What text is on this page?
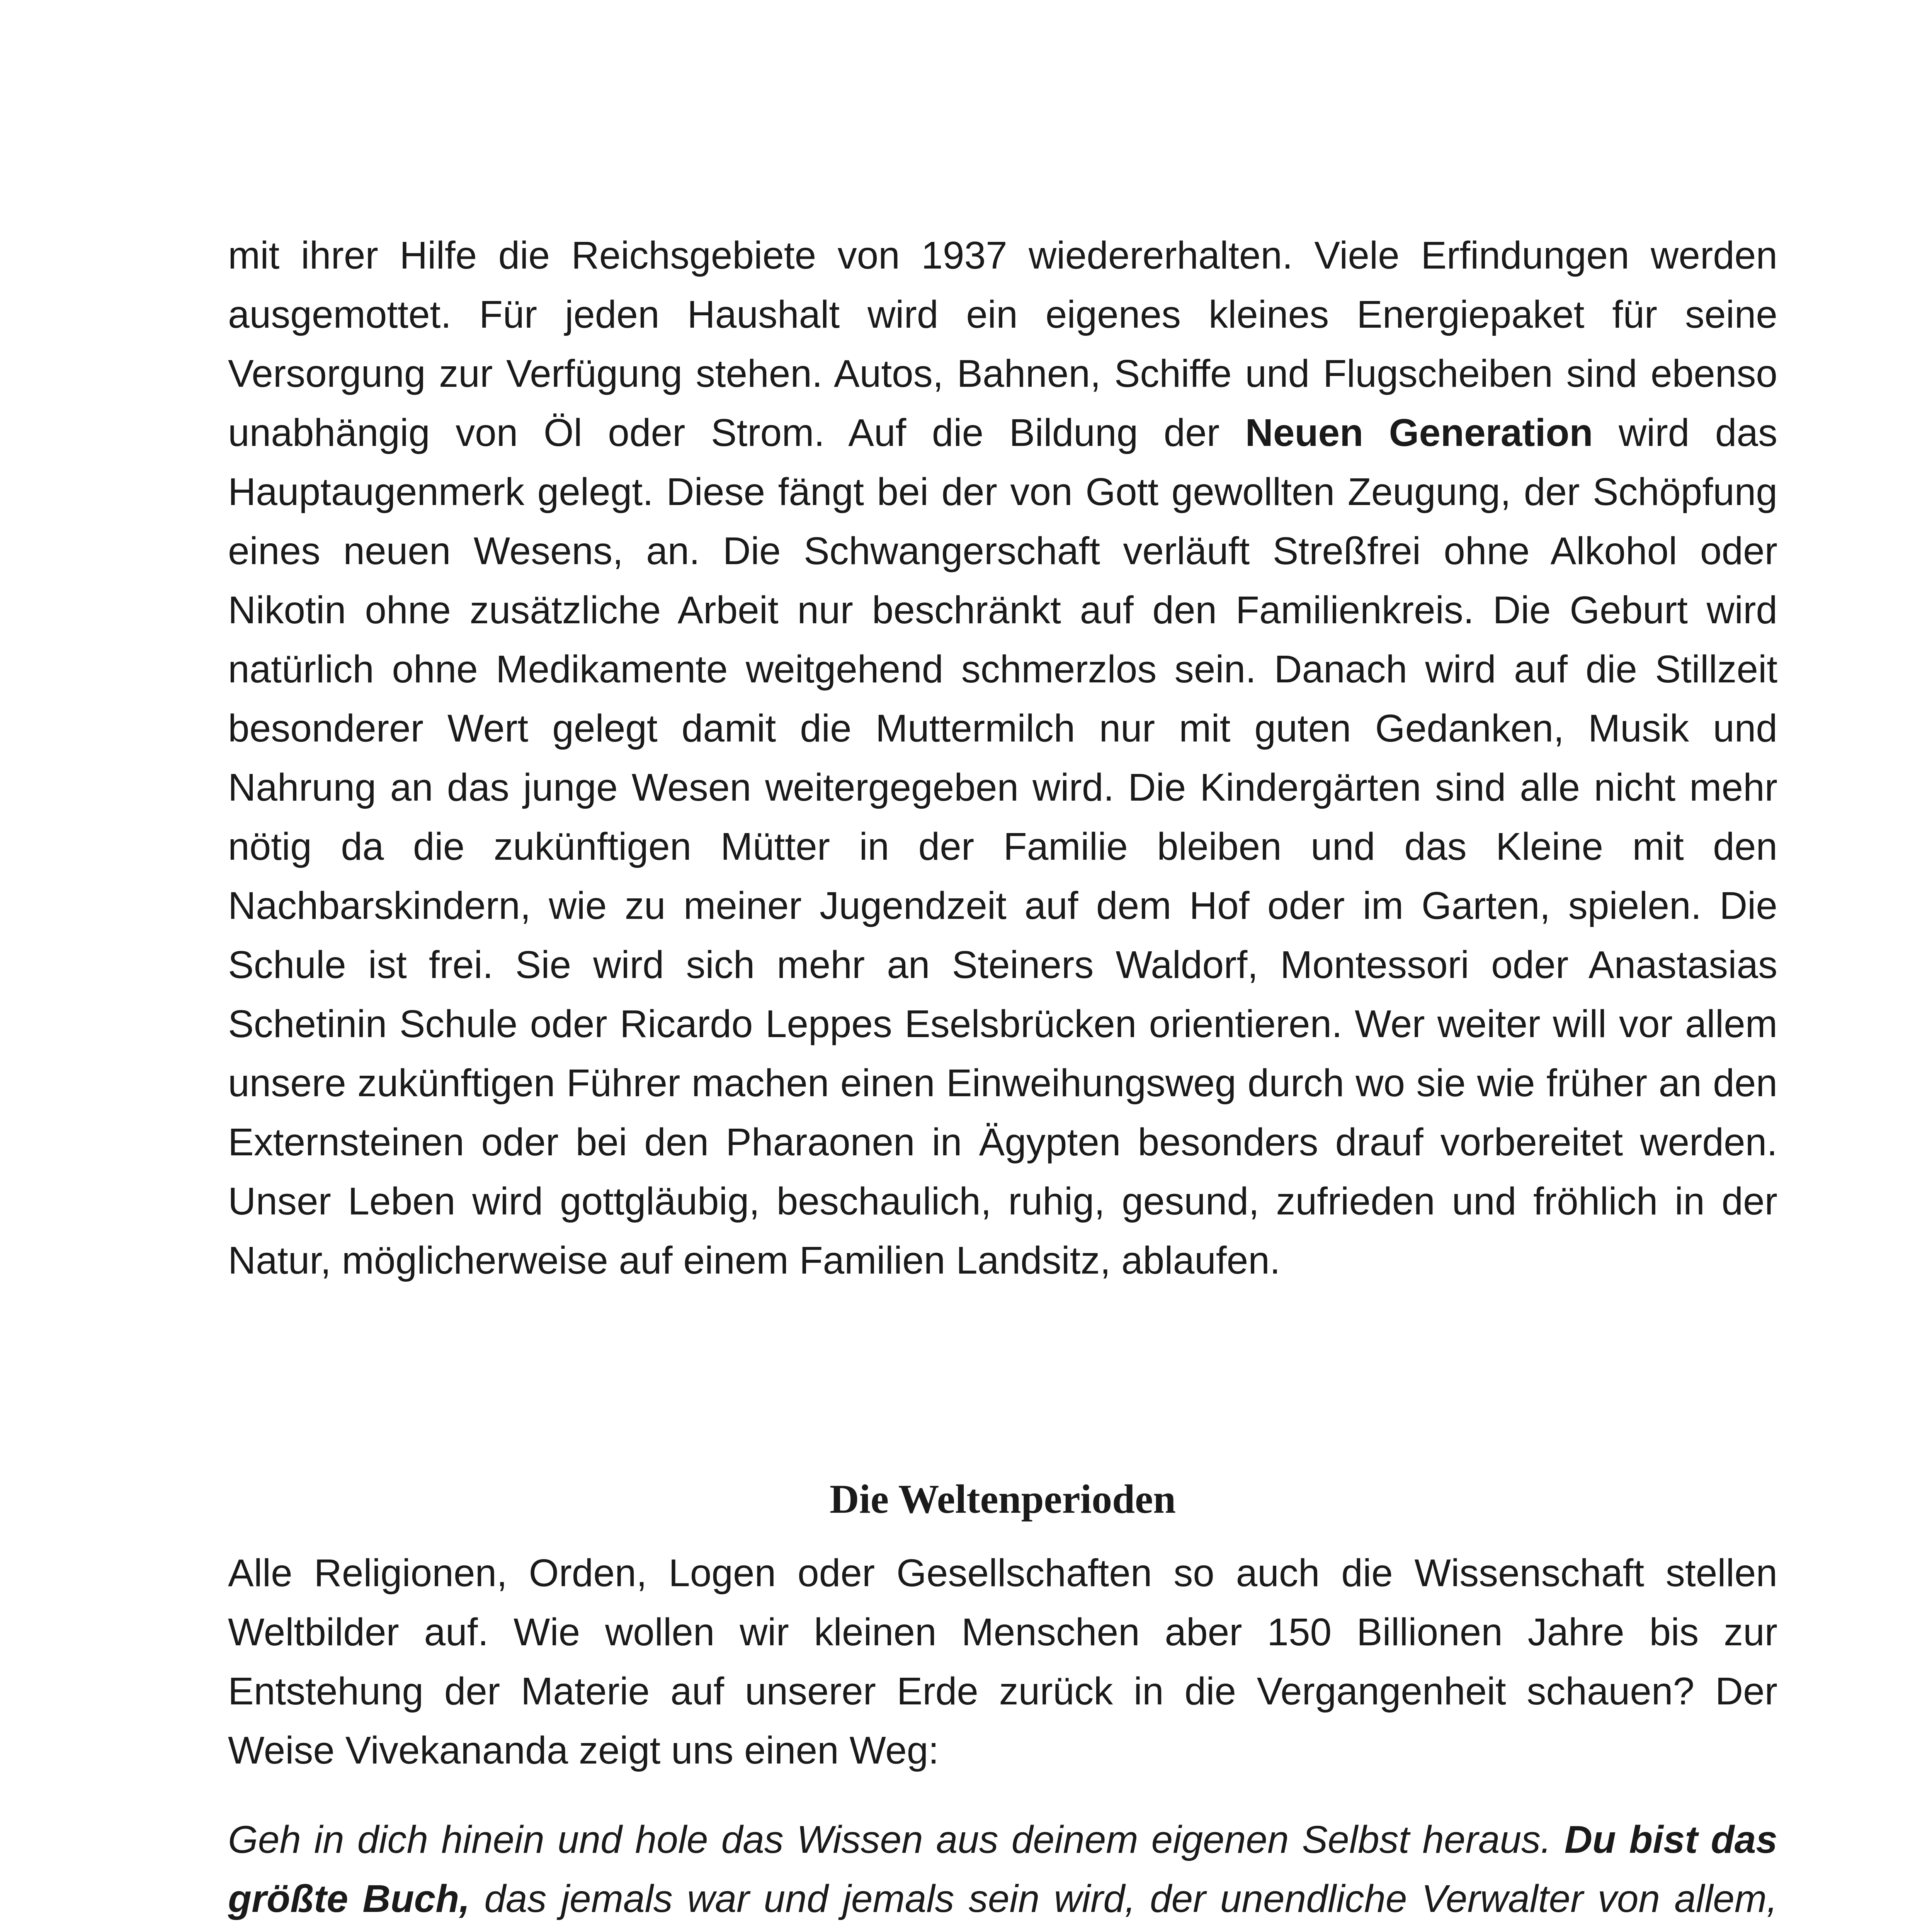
mit ihrer Hilfe die Reichsgebiete von 1937 wiedererhalten. Viele Erfindungen werden ausgemottet. Für jeden Haushalt wird ein eigenes kleines Energiepaket für seine Versorgung zur Verfügung stehen. Autos, Bahnen, Schiffe und Flugscheiben sind ebenso unabhängig von Öl oder Strom. Auf die Bildung der Neuen Generation wird das Hauptaugenmerk gelegt. Diese fängt bei der von Gott gewollten Zeugung, der Schöpfung eines neuen Wesens, an. Die Schwangerschaft verläuft Streßfrei ohne Alkohol oder Nikotin ohne zusätzliche Arbeit nur beschränkt auf den Familienkreis. Die Geburt wird natürlich ohne Medikamente weitgehend schmerzlos sein. Danach wird auf die Stillzeit besonderer Wert gelegt damit die Muttermilch nur mit guten Gedanken, Musik und Nahrung an das junge Wesen weitergegeben wird. Die Kindergärten sind alle nicht mehr nötig da die zukünftigen Mütter in der Familie bleiben und das Kleine mit den Nachbarskindern, wie zu meiner Jugendzeit auf dem Hof oder im Garten, spielen. Die Schule ist frei. Sie wird sich mehr an Steiners Waldorf, Montessori oder Anastasias Schetinin Schule oder Ricardo Leppes Eselsbrücken orientieren. Wer weiter will vor allem unsere zukünftigen Führer machen einen Einweihungsweg durch wo sie wie früher an den Externsteinen oder bei den Pharaonen in Ägypten besonders drauf vorbereitet werden. Unser Leben wird gottgläubig, beschaulich, ruhig, gesund, zufrieden und fröhlich in der Natur, möglicherweise auf einem Familien Landsitz, ablaufen.

Die Weltenperioden

Alle Religionen, Orden, Logen oder Gesellschaften so auch die Wissenschaft stellen Weltbilder auf. Wie wollen wir kleinen Menschen aber 150 Billionen Jahre bis zur Entstehung der Materie auf unserer Erde zurück in die Vergangenheit schauen? Der Weise Vivekananda zeigt uns einen Weg:

Geh in dich hinein und hole das Wissen aus deinem eigenen Selbst heraus. Du bist das größte Buch, das jemals war und jemals sein wird, der unendliche Verwalter von allem,
